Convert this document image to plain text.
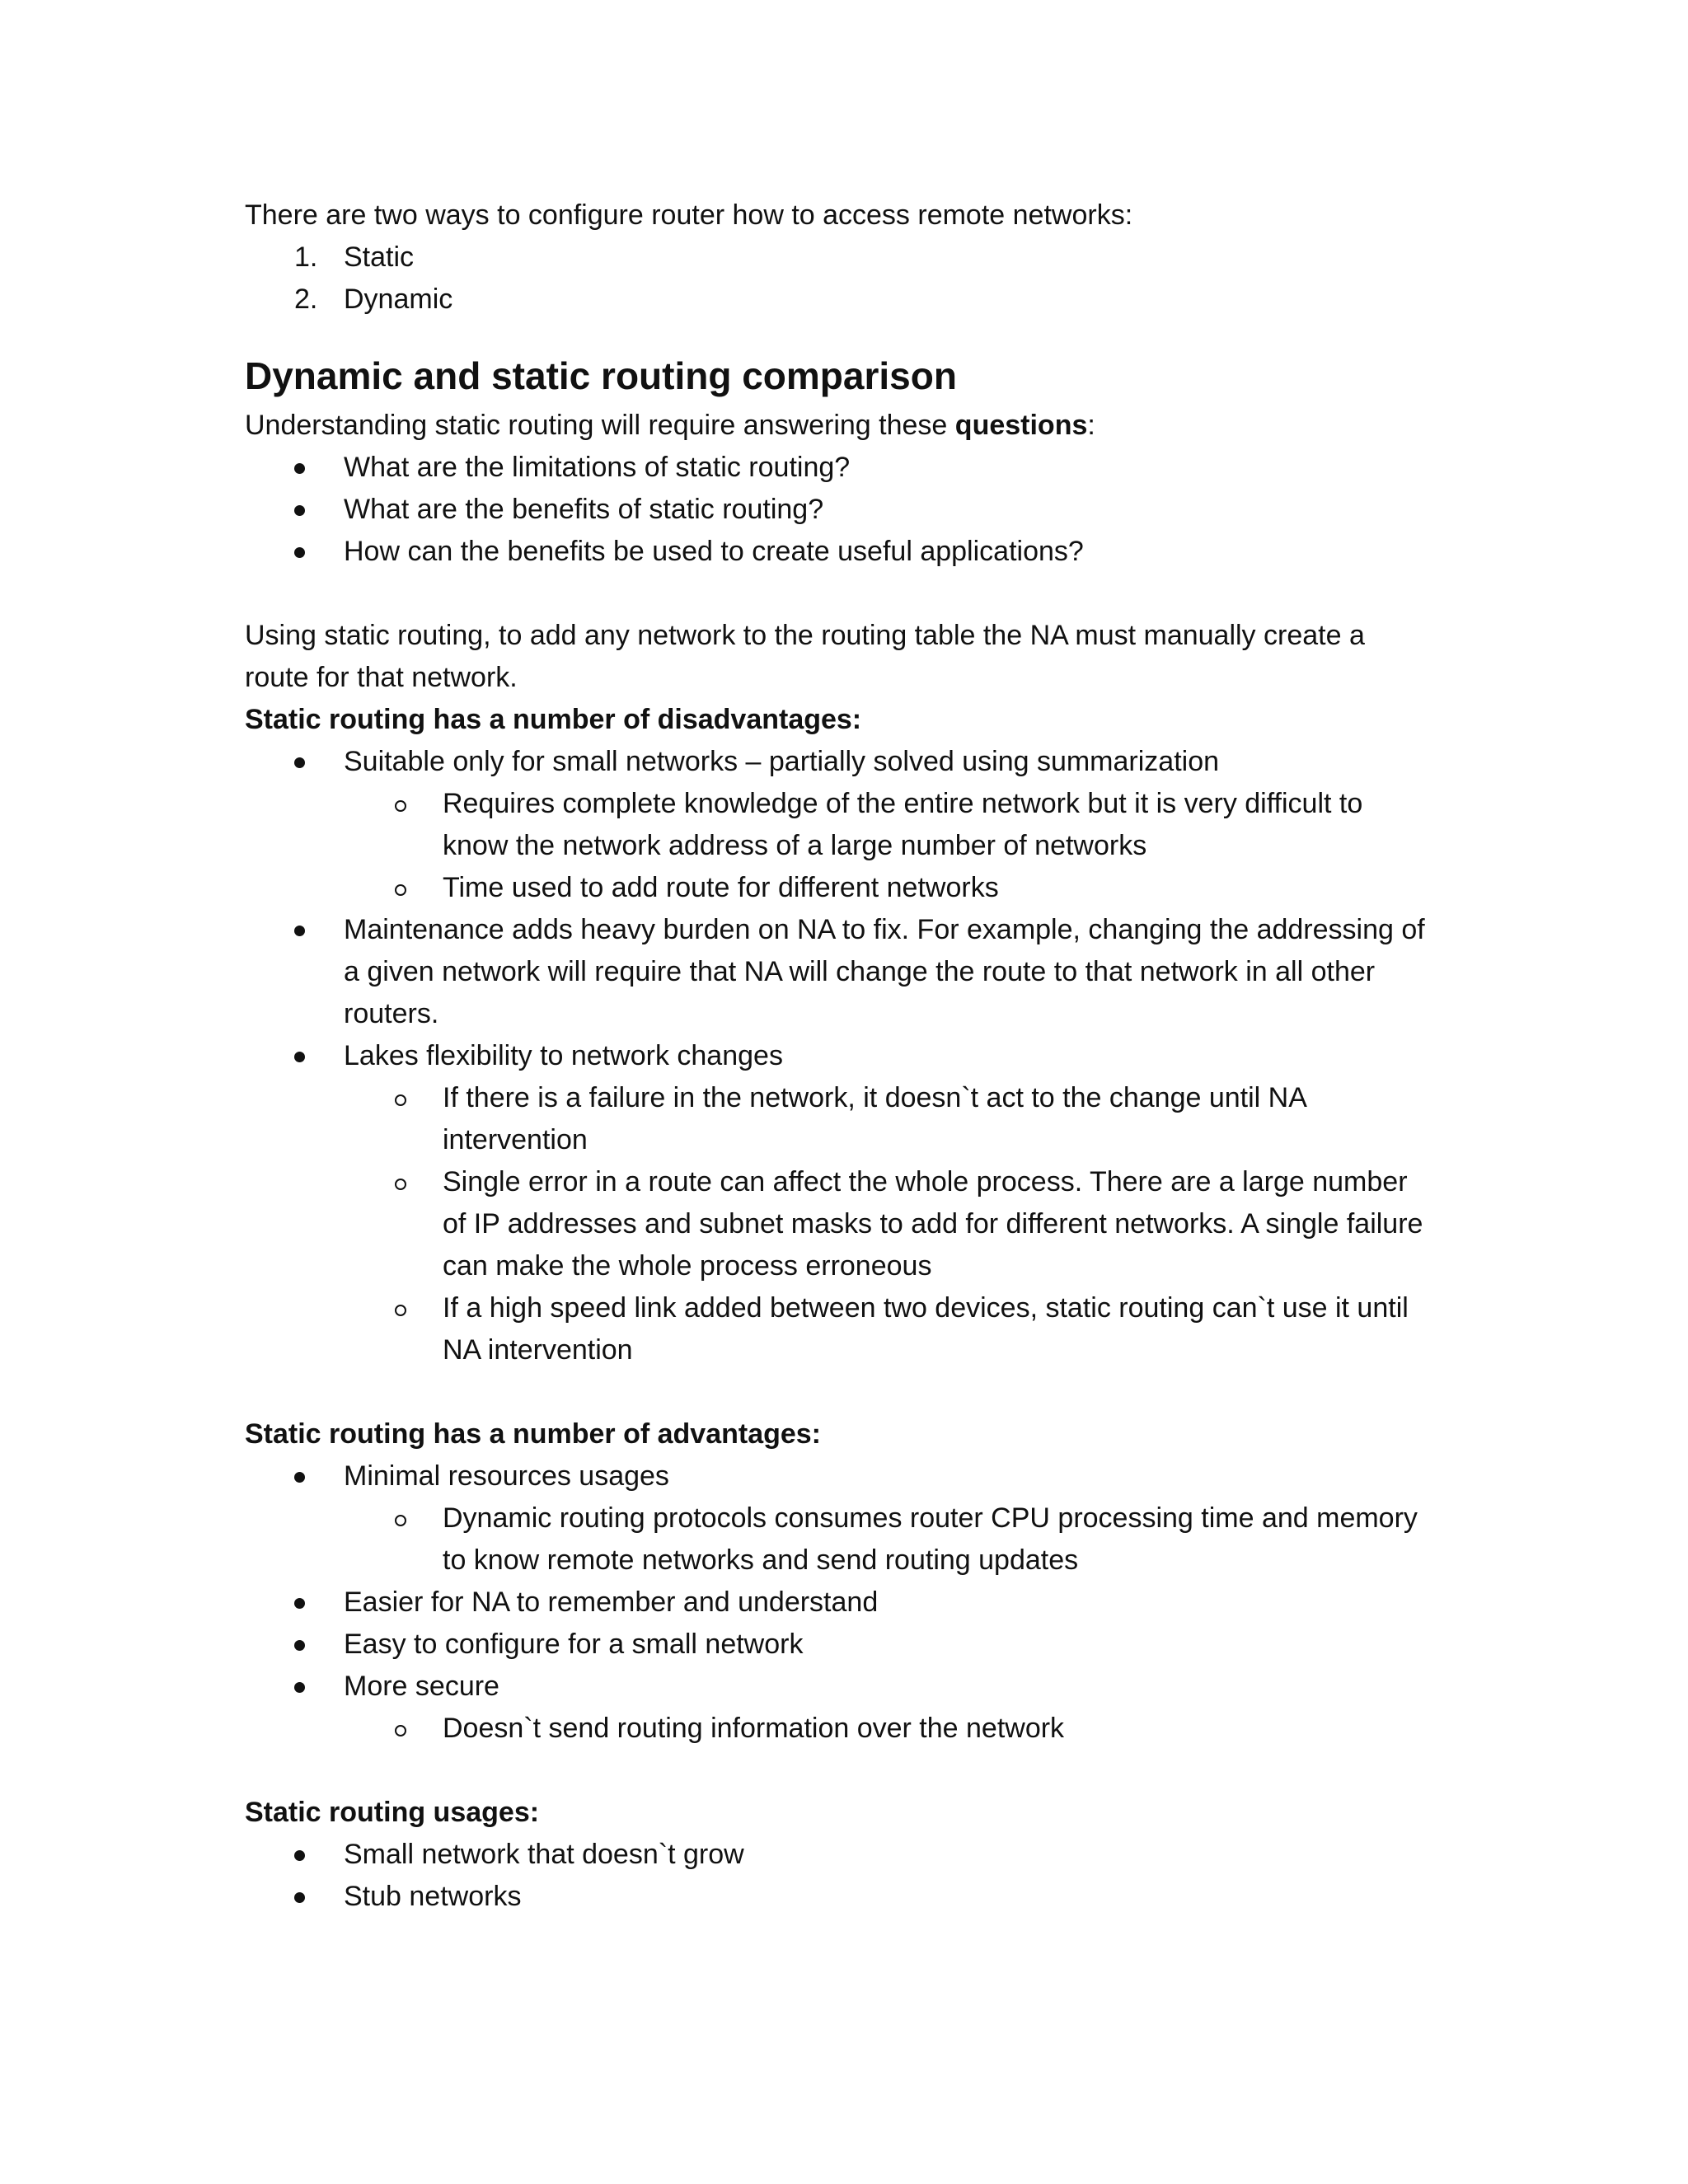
There are two ways to configure router how to access remote networks:

1. Static
2. Dynamic

Dynamic and static routing comparison

Understanding static routing will require answering these questions:

What are the limitations of static routing?
What are the benefits of static routing?
How can the benefits be used to create useful applications?

Using static routing, to add any network to the routing table the NA must manually create a route for that network.

Static routing has a number of disadvantages:

Suitable only for small networks – partially solved using summarization
Requires complete knowledge of the entire network but it is very difficult to know the network address of a large number of networks
Time used to add route for different networks
Maintenance adds heavy burden on NA to fix. For example, changing the addressing of a given network will require that NA will change the route to that network in all other routers.
Lakes flexibility to network changes
If there is a failure in the network, it doesn`t act to the change until NA intervention
Single error in a route can affect the whole process. There are a large number of IP addresses and subnet masks to add for different networks. A single failure can make the whole process erroneous
If a high speed link added between two devices, static routing can`t use it until NA intervention

Static routing has a number of advantages:

Minimal resources usages
Dynamic routing protocols consumes router CPU processing time and memory to know remote networks and send routing updates
Easier for NA to remember and understand
Easy to configure for a small network
More secure
Doesn`t send routing information over the network

Static routing usages:

Small network that doesn`t grow
Stub networks
